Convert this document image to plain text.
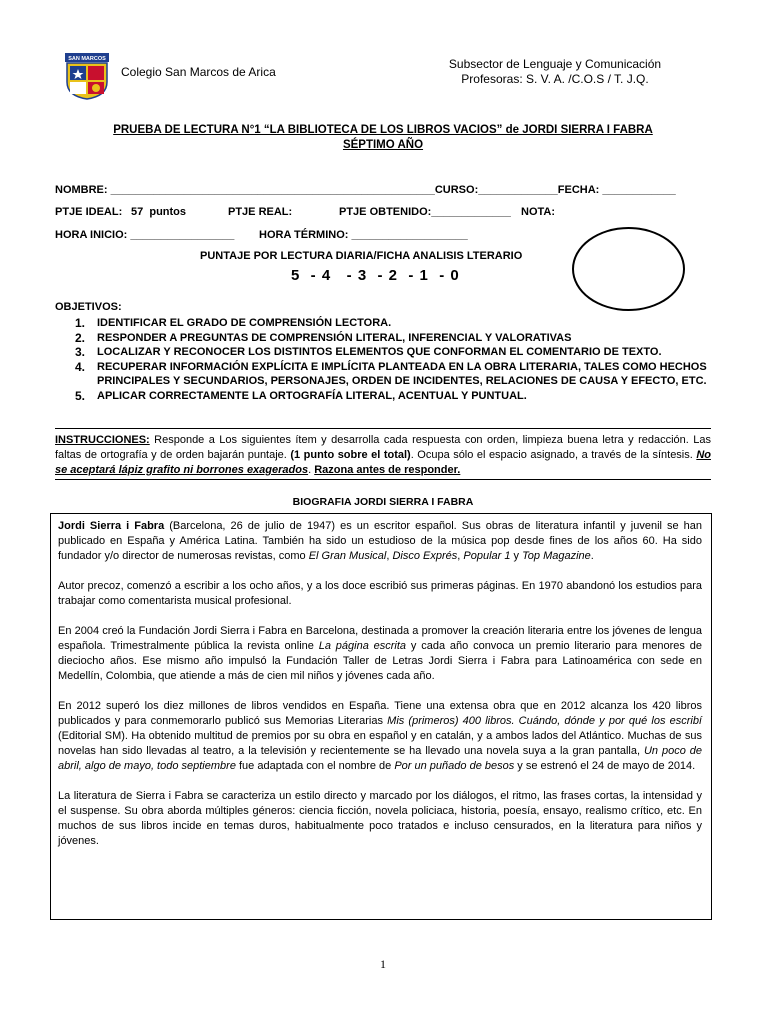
SAN MARCOS
Colegio San Marcos de Arica
Subsector de Lenguaje y Comunicación
Profesoras: S. V. A. /C.O.S / T. J.Q.
PRUEBA DE LECTURA N°1 “LA BIBLIOTECA DE LOS LIBROS VACIOS” de JORDI SIERRA I FABRA
SÉPTIMO AÑO
NOMBRE: _____________________________________________________CURSO:_____________FECHA: ____________
PTJE IDEAL: 57  puntos	PTJE REAL:	PTJE OBTENIDO:_____________ NOTA:
HORA INICIO: _________________ HORA TÉRMINO: ___________________
PUNTAJE POR LECTURA DIARIA/FICHA ANALISIS LTERARIO
5  - 4   - 3  - 2  - 1  - 0
OBJETIVOS:
1.	IDENTIFICAR EL GRADO DE COMPRENSIÓN LECTORA.
2.	RESPONDER A PREGUNTAS DE COMPRENSIÓN LITERAL, INFERENCIAL Y VALORATIVAS
3.	LOCALIZAR Y RECONOCER LOS DISTINTOS ELEMENTOS QUE CONFORMAN EL COMENTARIO DE TEXTO.
4.	RECUPERAR INFORMACIÓN EXPLÍCITA E IMPLÍCITA PLANTEADA EN LA OBRA LITERARIA, TALES COMO HECHOS PRINCIPALES Y SECUNDARIOS, PERSONAJES, ORDEN DE INCIDENTES, RELACIONES DE CAUSA Y EFECTO, ETC.
5.	APLICAR CORRECTAMENTE LA ORTOGRAFÍA LITERAL, ACENTUAL Y PUNTUAL.
INSTRUCCIONES: Responde a Los siguientes ítem y desarrolla cada respuesta con orden, limpieza buena letra y redacción. Las faltas de ortografía y de orden bajarán puntaje. (1 punto sobre el total). Ocupa sólo el espacio asignado, a través de la síntesis. No se aceptará lápiz grafito ni borrones exagerados. Razona antes de responder.
BIOGRAFIA JORDI SIERRA I FABRA

Jordi Sierra i Fabra (Barcelona, 26 de julio de 1947) es un escritor español. Sus obras de literatura infantil y juvenil se han publicado en España y América Latina. También ha sido un estudioso de la música pop desde fines de los años 60. Ha sido fundador y/o director de numerosas revistas, como El Gran Musical, Disco Exprés, Popular 1 y Top Magazine.

Autor precoz, comenzó a escribir a los ocho años, y a los doce escribió sus primeras páginas. En 1970 abandonó los estudios para trabajar como comentarista musical profesional.

En 2004 creó la Fundación Jordi Sierra i Fabra en Barcelona, destinada a promover la creación literaria entre los jóvenes de lengua española. Trimestralmente pública la revista online La página escrita y cada año convoca un premio literario para menores de dieciocho años. Ese mismo año impulsó la Fundación Taller de Letras Jordi Sierra i Fabra para Latinoamérica con sede en Medellín, Colombia, que atiende a más de cien mil niños y jóvenes cada año.

En 2012 superó los diez millones de libros vendidos en España. Tiene una extensa obra que en 2012 alcanza los 420 libros publicados y para conmemorarlo publicó sus Memorias Literarias Mis (primeros) 400 libros. Cuándo, dónde y por qué los escribí (Editorial SM). Ha obtenido multitud de premios por su obra en español y en catalán, y a ambos lados del Atlántico. Muchas de sus novelas han sido llevadas al teatro, a la televisión y recientemente se ha llevado una novela suya a la gran pantalla, Un poco de abril, algo de mayo, todo septiembre fue adaptada con el nombre de Por un puñado de besos y se estrenó el 24 de mayo de 2014.

La literatura de Sierra i Fabra se caracteriza un estilo directo y marcado por los diálogos, el ritmo, las frases cortas, la intensidad y el suspense. Su obra aborda múltiples géneros: ciencia ficción, novela policiaca, historia, poesía, ensayo, realismo crítico, etc. En muchos de sus libros incide en temas duros, habitualmente poco tratados e incluso censurados, en la literatura para niños y jóvenes.

1
